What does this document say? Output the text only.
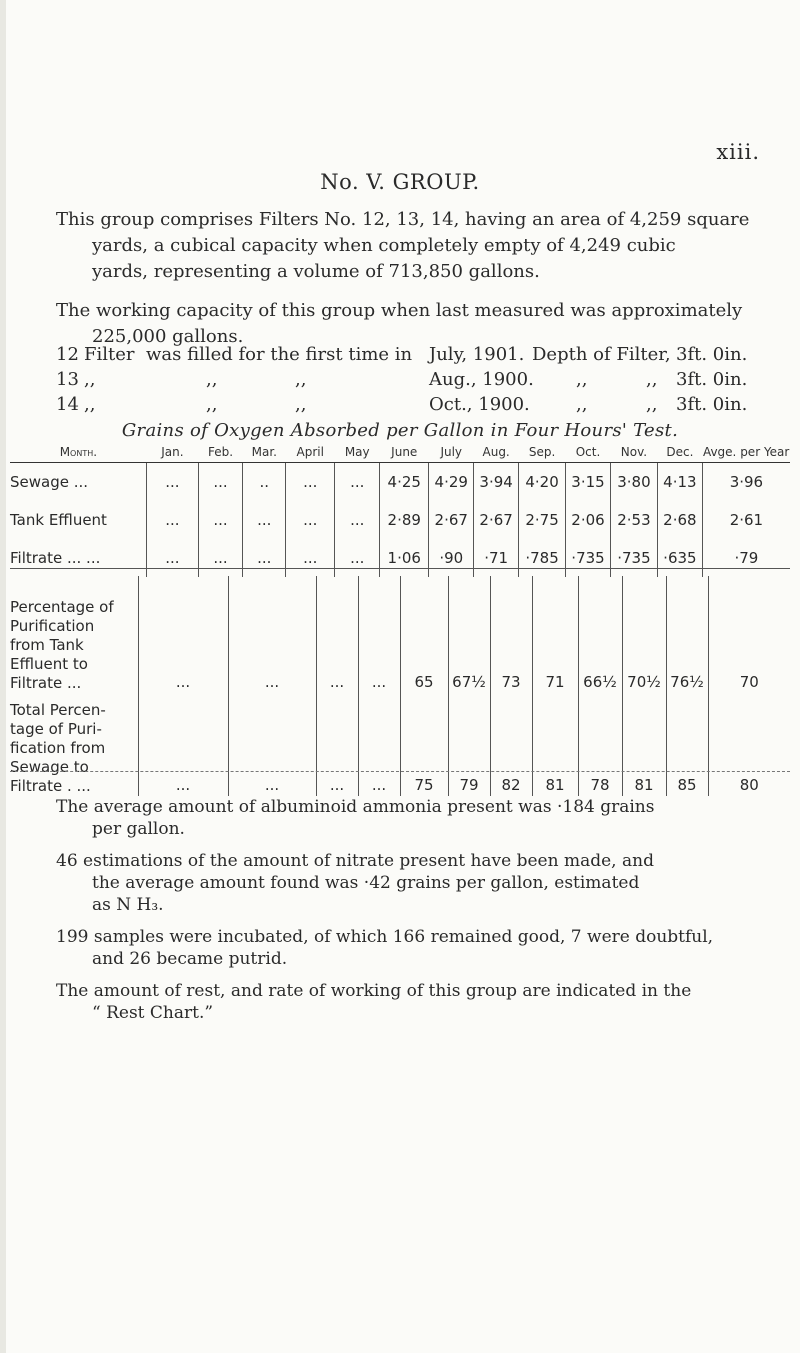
xiii.
No. V. GROUP.
This group comprises Filters No. 12, 13, 14, having an area of 4,259 square
yards, a cubical capacity when completely empty of 4,249 cubic
yards, representing a volume of 713,850 gallons.
The working capacity of this group when last measured was approximately
225,000 gallons.
12 Filter was filled for the first time in July, 1901. Depth of Filter, 3ft. 0in.
13 ,,	,,	,,	Aug., 1900. ,,	,, 3ft. 0in.
14 ,,	,,	,,	Oct., 1900.	,,	,, 3ft. 0in.
Grains of Oxygen Absorbed per Gallon in Four Hours' Test.
Month.	Jan.	Feb.	Mar.	April	May	June	July	Aug.	Sep.	Oct.	Nov.	Dec.	Avge. per Year
Sewage ...	...	...	..	...	...	4·25	4·29	3·94	4·20	3·15	3·80	4·13	3·96
Tank Effluent	...	...	...	...	...	2·89	2·67	2·67	2·75	2·06	2·53	2·68	2·61
Filtrate ... ...	...	...	...	...	...	1·06	·90	·71	·785	·735	·735	·635	·79
Percentage of
Purification
from Tank
Effluent to
Filtrate ...	...	...	...	...	65	67½	73	71	66½	70½	76½	70

Total Percen-
tage of Puri-
fication from
Sewage to
Filtrate . ...	...	...	...	...	75	79	82	81	78	81	85	80
The average amount of albuminoid ammonia present was ·184 grains
per gallon.
46 estimations of the amount of nitrate present have been made, and
the average amount found was ·42 grains per gallon, estimated
as N H₃.
199 samples were incubated, of which 166 remained good, 7 were doubtful,
and 26 became putrid.
The amount of rest, and rate of working of this group are indicated in the
“ Rest Chart.”
